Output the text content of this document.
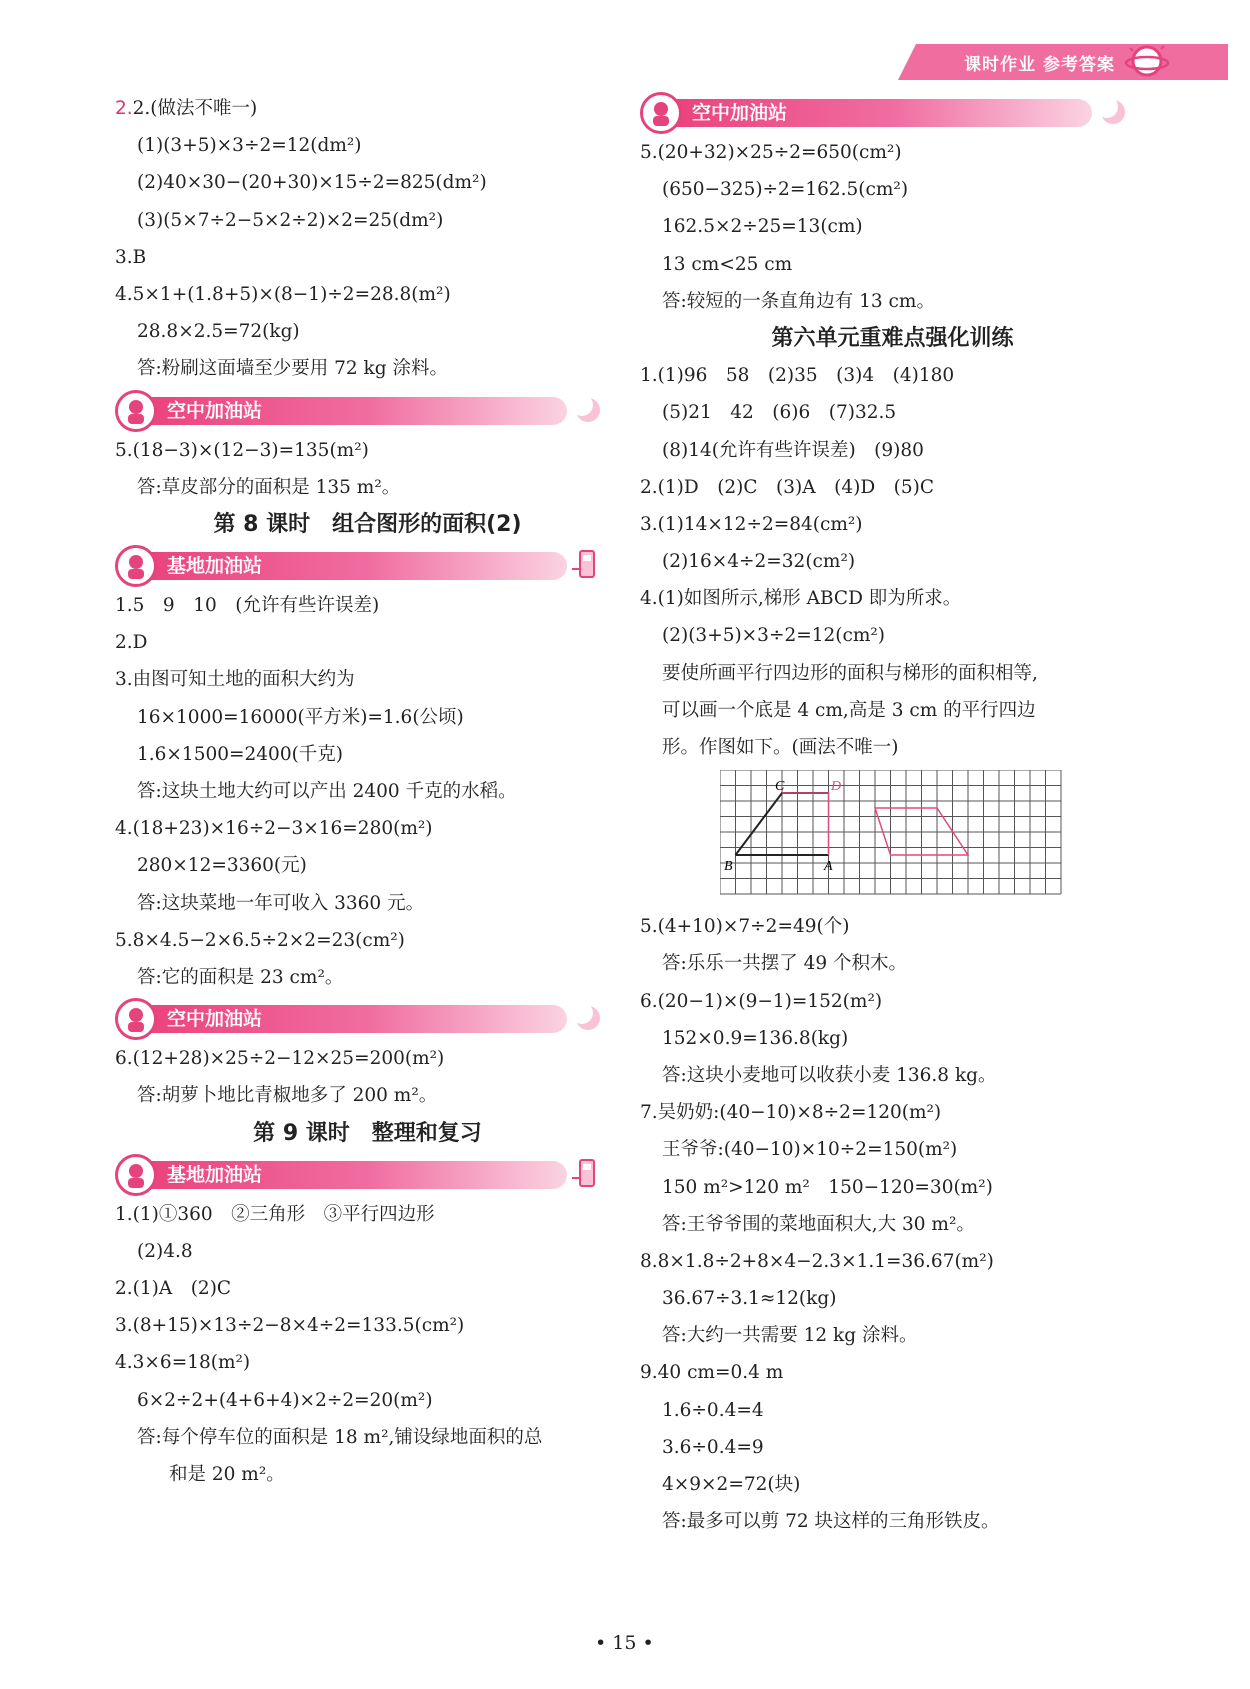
课时作业 参考答案
2.2.(做法不唯一)
(1)(3+5)×3÷2=12(dm²)
(2)40×30−(20+30)×15÷2=825(dm²)
(3)(5×7÷2−5×2÷2)×2=25(dm²)
3.B
4.5×1+(1.8+5)×(8−1)÷2=28.8(m²)
28.8×2.5=72(kg)
答:粉刷这面墙至少要用 72 kg 涂料。
空中加油站
5.(18−3)×(12−3)=135(m²)
答:草皮部分的面积是 135 m²。
第 8 课时　组合图形的面积(2)
基地加油站
1.5　9　10　(允许有些许误差)
2.D
3.由图可知土地的面积大约为
16×1000=16000(平方米)=1.6(公顷)
1.6×1500=2400(千克)
答:这块土地大约可以产出 2400 千克的水稻。
4.(18+23)×16÷2−3×16=280(m²)
280×12=3360(元)
答:这块菜地一年可收入 3360 元。
5.8×4.5−2×6.5÷2×2=23(cm²)
答:它的面积是 23 cm²。
空中加油站
6.(12+28)×25÷2−12×25=200(m²)
答:胡萝卜地比青椒地多了 200 m²。
第 9 课时　整理和复习
基地加油站
1.(1)①360　②三角形　③平行四边形
(2)4.8
2.(1)A　(2)C
3.(8+15)×13÷2−8×4÷2=133.5(cm²)
4.3×6=18(m²)
6×2÷2+(4+6+4)×2÷2=20(m²)
答:每个停车位的面积是 18 m²,铺设绿地面积的总
和是 20 m²。
空中加油站
5.(20+32)×25÷2=650(cm²)
(650−325)÷2=162.5(cm²)
162.5×2÷25=13(cm)
13 cm<25 cm
答:较短的一条直角边有 13 cm。
第六单元重难点强化训练
1.(1)96　58　(2)35　(3)4　(4)180
(5)21　42　(6)6　(7)32.5
(8)14(允许有些许误差)　(9)80
2.(1)D　(2)C　(3)A　(4)D　(5)C
3.(1)14×12÷2=84(cm²)
(2)16×4÷2=32(cm²)
4.(1)如图所示,梯形 ABCD 即为所求。
(2)(3+5)×3÷2=12(cm²)
要使所画平行四边形的面积与梯形的面积相等,
可以画一个底是 4 cm,高是 3 cm 的平行四边
形。作图如下。(画法不唯一)
C	D
B	A
5.(4+10)×7÷2=49(个)
答:乐乐一共摆了 49 个积木。
6.(20−1)×(9−1)=152(m²)
152×0.9=136.8(kg)
答:这块小麦地可以收获小麦 136.8 kg。
7.吴奶奶:(40−10)×8÷2=120(m²)
王爷爷:(40−10)×10÷2=150(m²)
150 m²>120 m²　150−120=30(m²)
答:王爷爷围的菜地面积大,大 30 m²。
8.8×1.8÷2+8×4−2.3×1.1=36.67(m²)
36.67÷3.1≈12(kg)
答:大约一共需要 12 kg 涂料。
9.40 cm=0.4 m
1.6÷0.4=4
3.6÷0.4=9
4×9×2=72(块)
答:最多可以剪 72 块这样的三角形铁皮。
• 15 •
